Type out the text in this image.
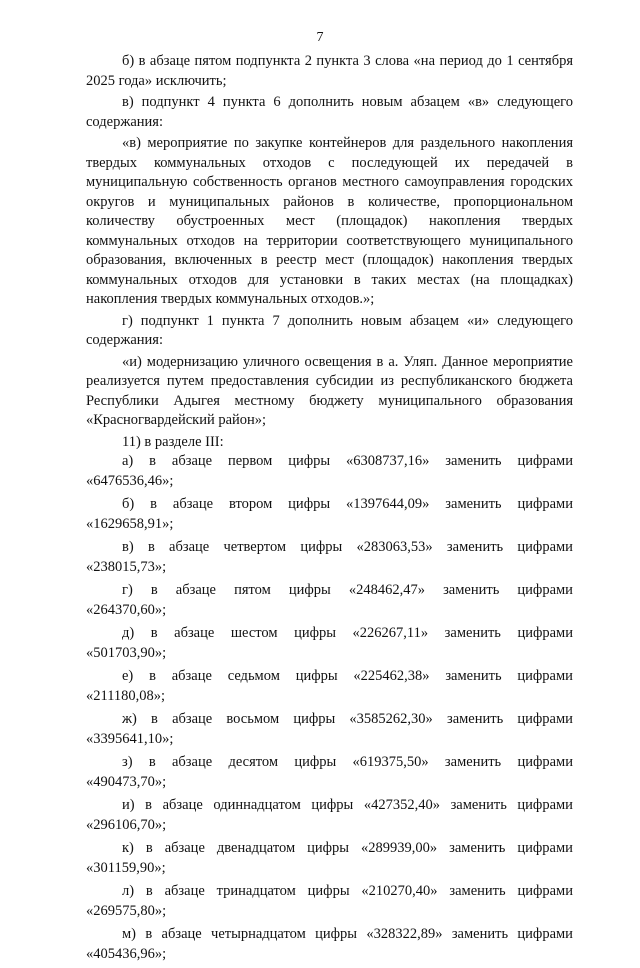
7

б) в абзаце пятом подпункта 2 пункта 3 слова «на период до 1 сентября 2025 года» исключить;

в) подпункт 4 пункта 6 дополнить новым абзацем «в» следующего содержания:

«в) мероприятие по закупке контейнеров для раздельного накопления твердых коммунальных отходов с последующей их передачей в муниципальную собственность органов местного самоуправления городских округов и муниципальных районов в количестве, пропорциональном количеству обустроенных мест (площадок) накопления твердых коммунальных отходов на территории соответствующего муниципального образования, включенных в реестр мест (площадок) накопления твердых коммунальных отходов для установки в таких местах (на площадках) накопления твердых коммунальных отходов.»;

г) подпункт 1 пункта 7 дополнить новым абзацем «и» следующего содержания:

«и) модернизацию уличного освещения в а. Уляп. Данное мероприятие реализуется путем предоставления субсидии из республиканского бюджета Республики Адыгея местному бюджету муниципального образования «Красногвардейский район»;

11) в разделе III:

а) в абзаце первом цифры «6308737,16» заменить цифрами
«6476536,46»;
б) в абзаце втором цифры «1397644,09» заменить цифрами
«1629658,91»;
в) в абзаце четвертом цифры «283063,53» заменить цифрами
«238015,73»;
г) в абзаце пятом цифры «248462,47» заменить цифрами
«264370,60»;
д) в абзаце шестом цифры «226267,11» заменить цифрами
«501703,90»;
е) в абзаце седьмом цифры «225462,38» заменить цифрами
«211180,08»;
ж) в абзаце восьмом цифры «3585262,30» заменить цифрами
«3395641,10»;
з) в абзаце десятом цифры «619375,50» заменить цифрами
«490473,70»;
и) в абзаце одиннадцатом цифры «427352,40» заменить цифрами
«296106,70»;
к) в абзаце двенадцатом цифры «289939,00» заменить цифрами
«301159,90»;
л) в абзаце тринадцатом цифры «210270,40» заменить цифрами
«269575,80»;
м) в абзаце четырнадцатом цифры «328322,89» заменить цифрами
«405436,96»;
